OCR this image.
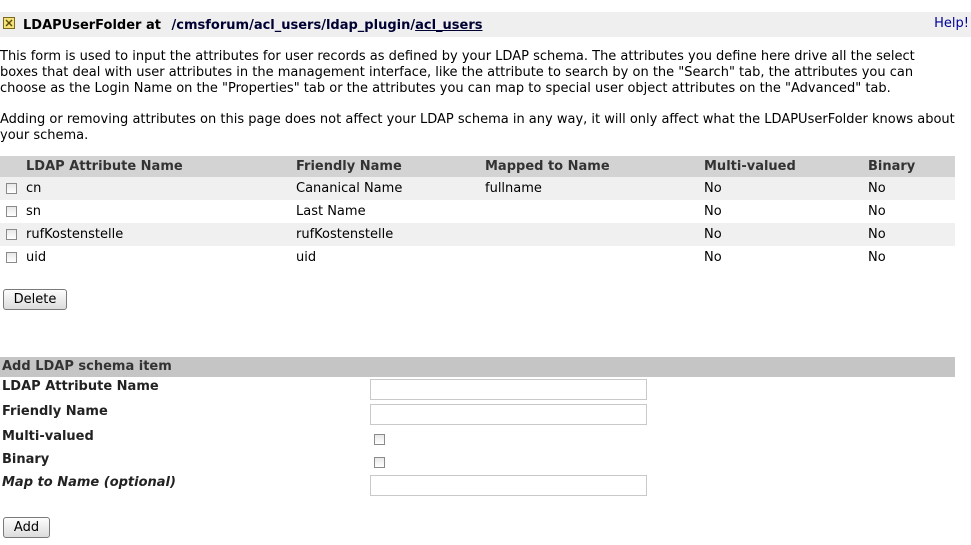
LDAPUserFolder at /cmsforum/acl_users/ldap_plugin/acl_users	Help!

This form is used to input the attributes for user records as defined by your LDAP schema. The attributes you define here drive all the select boxes that deal with user attributes in the management interface, like the attribute to search by on the "Search" tab, the attributes you can choose as the Login Name on the "Properties" tab or the attributes you can map to special user object attributes on the "Advanced" tab.

Adding or removing attributes on this page does not affect your LDAP schema in any way, it will only affect what the LDAPUserFolder knows about your schema.

	LDAP Attribute Name	Friendly Name	Mapped to Name	Multi-valued	Binary
	cn	Cananical Name	fullname	No	No
	sn	Last Name		No	No
	rufKostenstelle	rufKostenstelle		No	No
	uid	uid		No	No
Delete
Add LDAP schema item
LDAP Attribute Name
Friendly Name
Multi-valued
Binary
Map to Name (optional)
Add
